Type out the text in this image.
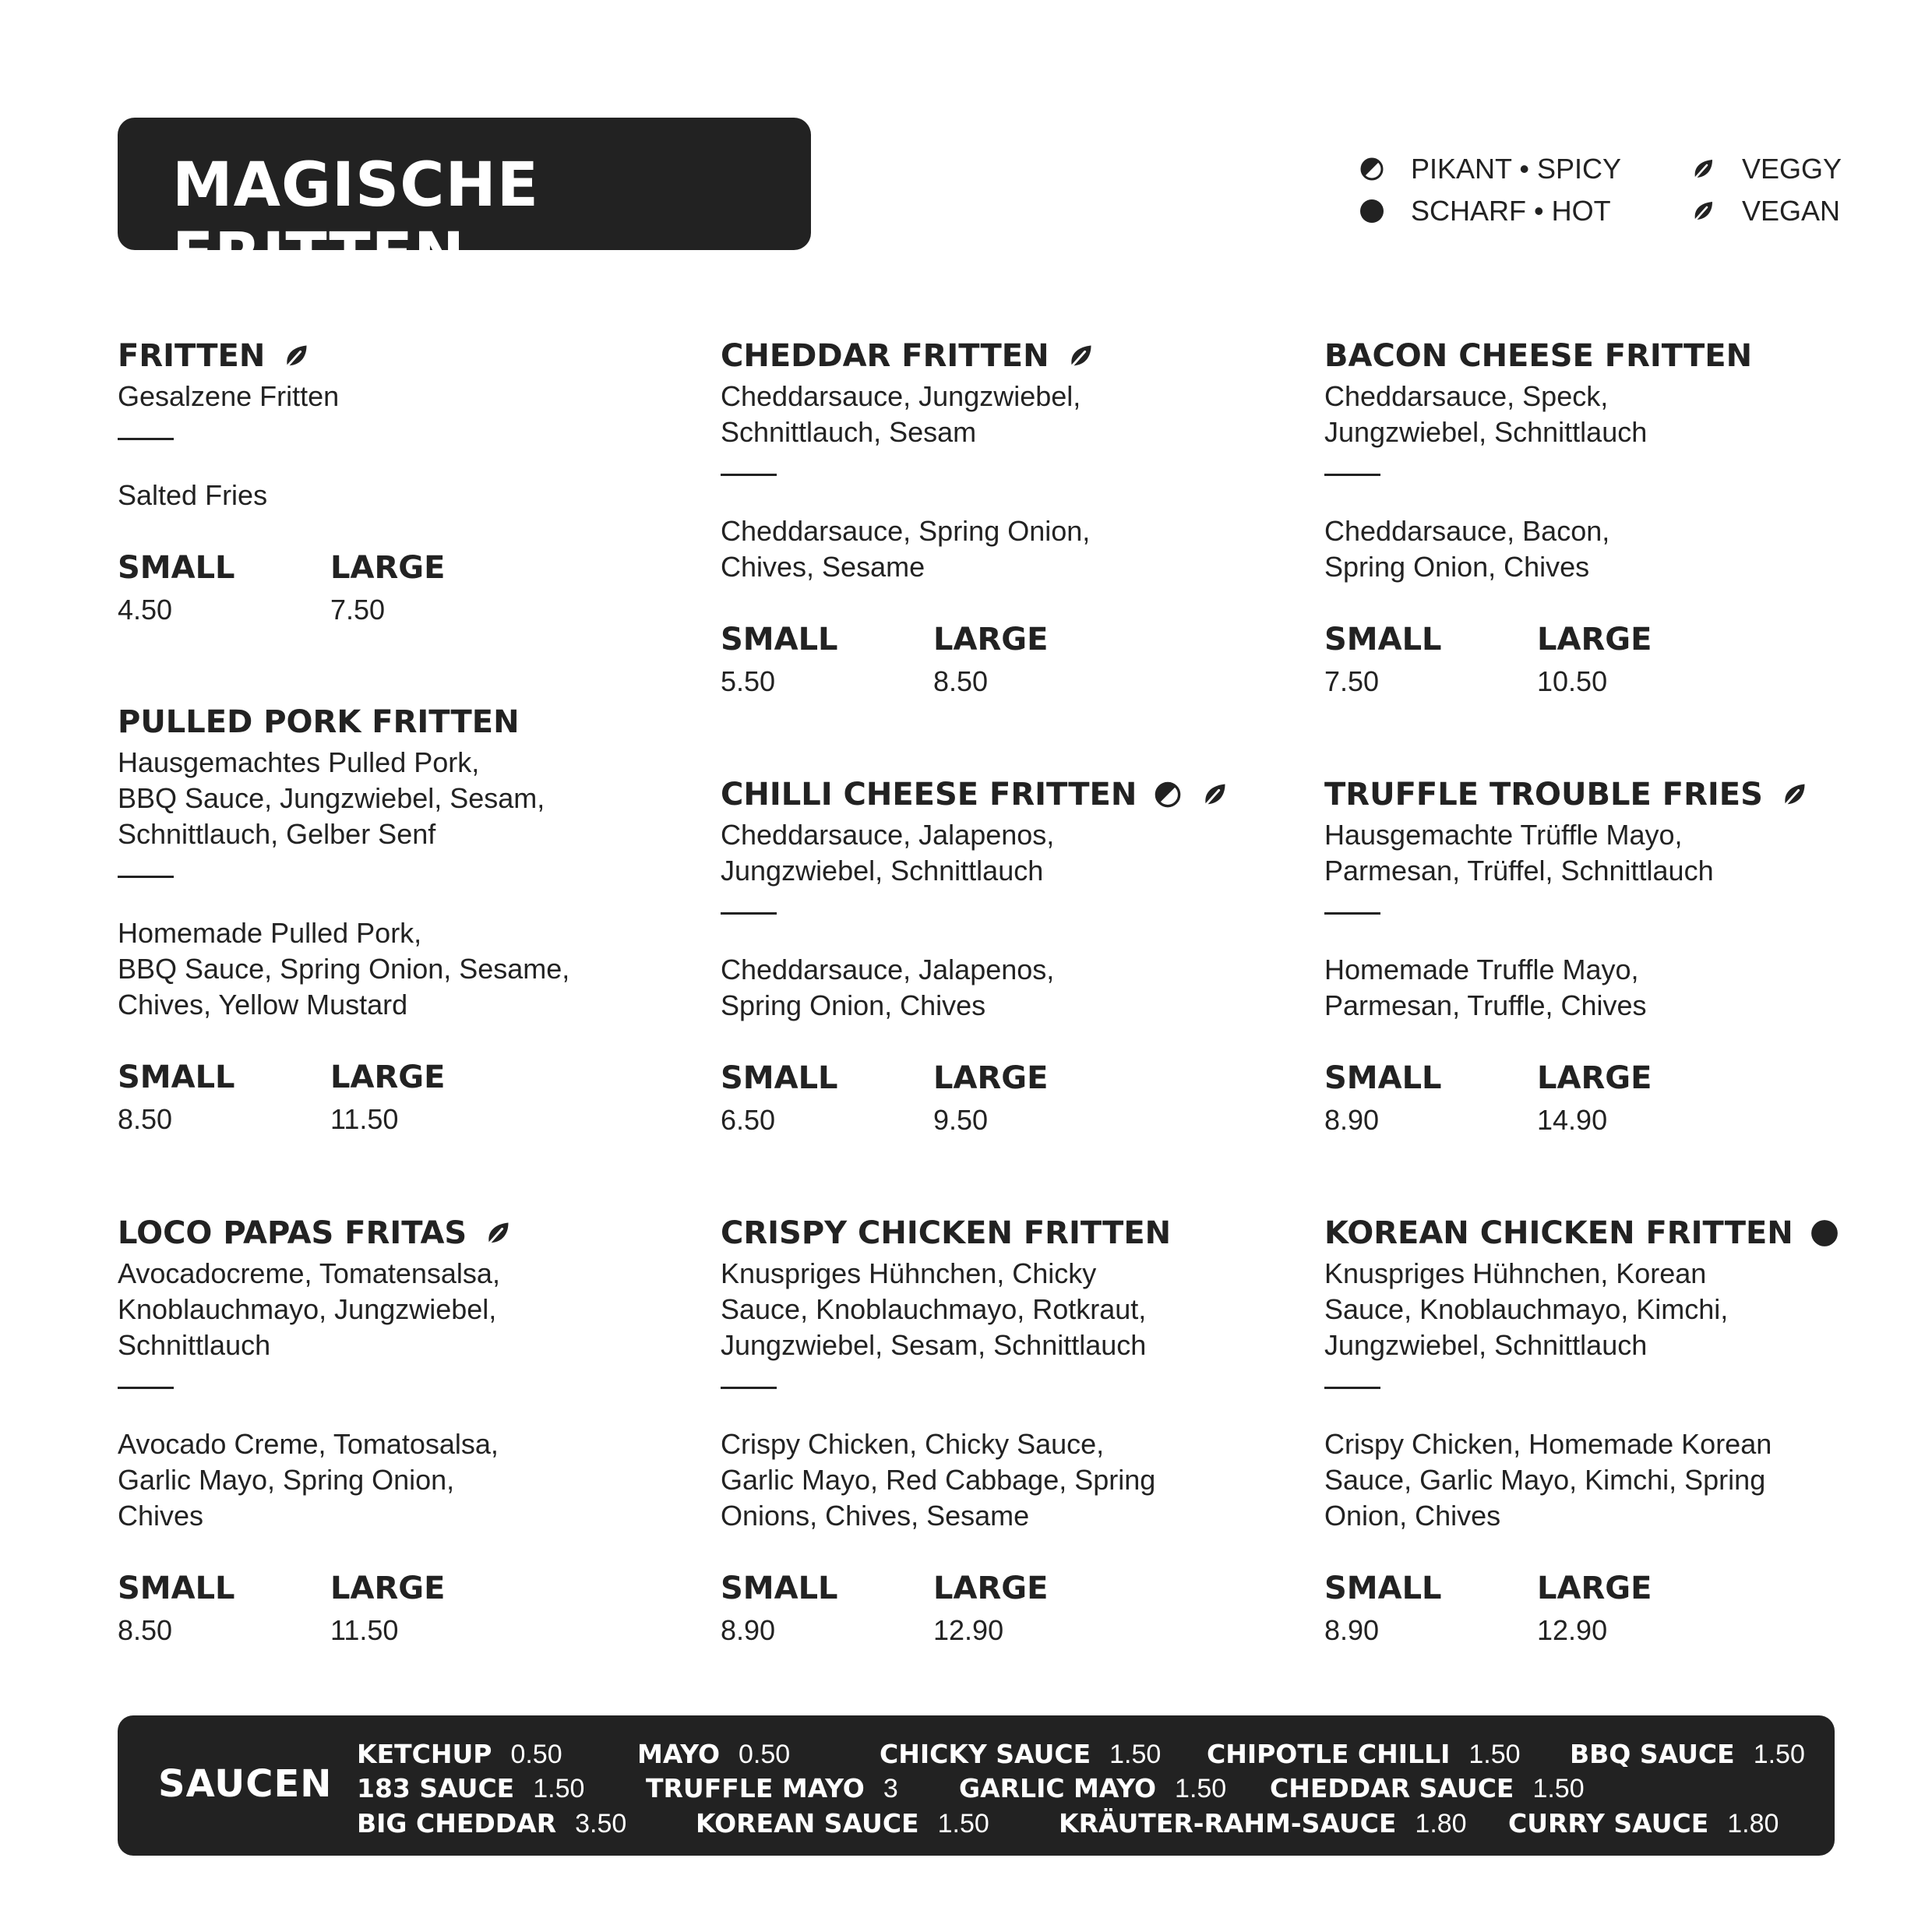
MAGISCHE FRITTEN
PIKANT • SPICY
SCHARF • HOT
VEGGY
VEGAN
FRITTEN
Gesalzene Fritten
Salted Fries
SMALL
4.50
LARGE
7.50
CHEDDAR FRITTEN
Cheddarsauce, Jungzwiebel,
Schnittlauch, Sesam
Cheddarsauce, Spring Onion,
Chives, Sesame
SMALL
5.50
LARGE
8.50
BACON CHEESE FRITTEN
Cheddarsauce, Speck,
Jungzwiebel, Schnittlauch
Cheddarsauce, Bacon,
Spring Onion, Chives
SMALL
7.50
LARGE
10.50
PULLED PORK FRITTEN
Hausgemachtes Pulled Pork,
BBQ Sauce, Jungzwiebel, Sesam,
Schnittlauch, Gelber Senf
Homemade Pulled Pork,
BBQ Sauce, Spring Onion, Sesame,
Chives, Yellow Mustard
SMALL
8.50
LARGE
11.50
CHILLI CHEESE FRITTEN
Cheddarsauce, Jalapenos,
Jungzwiebel, Schnittlauch
Cheddarsauce, Jalapenos,
Spring Onion, Chives
SMALL
6.50
LARGE
9.50
TRUFFLE TROUBLE FRIES
Hausgemachte Trüffle Mayo,
Parmesan, Trüffel, Schnittlauch
Homemade Truffle Mayo,
Parmesan, Truffle, Chives
SMALL
8.90
LARGE
14.90
LOCO PAPAS FRITAS
Avocadocreme, Tomatensalsa,
Knoblauchmayo, Jungzwiebel,
Schnittlauch
Avocado Creme, Tomatosalsa,
Garlic Mayo, Spring Onion,
Chives
SMALL
8.50
LARGE
11.50
CRISPY CHICKEN FRITTEN
Knuspriges Hühnchen, Chicky
Sauce, Knoblauchmayo, Rotkraut,
Jungzwiebel, Sesam, Schnittlauch
Crispy Chicken, Chicky Sauce,
Garlic Mayo, Red Cabbage, Spring
Onions, Chives, Sesame
SMALL
8.90
LARGE
12.90
KOREAN CHICKEN FRITTEN
Knuspriges Hühnchen, Korean
Sauce, Knoblauchmayo, Kimchi,
Jungzwiebel, Schnittlauch
Crispy Chicken, Homemade Korean
Sauce, Garlic Mayo, Kimchi, Spring
Onion, Chives
SMALL
8.90
LARGE
12.90
SAUCEN
KETCHUP 0.50	MAYO 0.50	CHICKY SAUCE 1.50 CHIPOTLE CHILLI 1.50 BBQ SAUCE 1.50
183 SAUCE 1.50 TRUFFLE MAYO 3 GARLIC MAYO 1.50 CHEDDAR SAUCE 1.50
BIG CHEDDAR 3.50	KOREAN SAUCE 1.50	KRÄUTER-RAHM-SAUCE 1.80 CURRY SAUCE 1.80
